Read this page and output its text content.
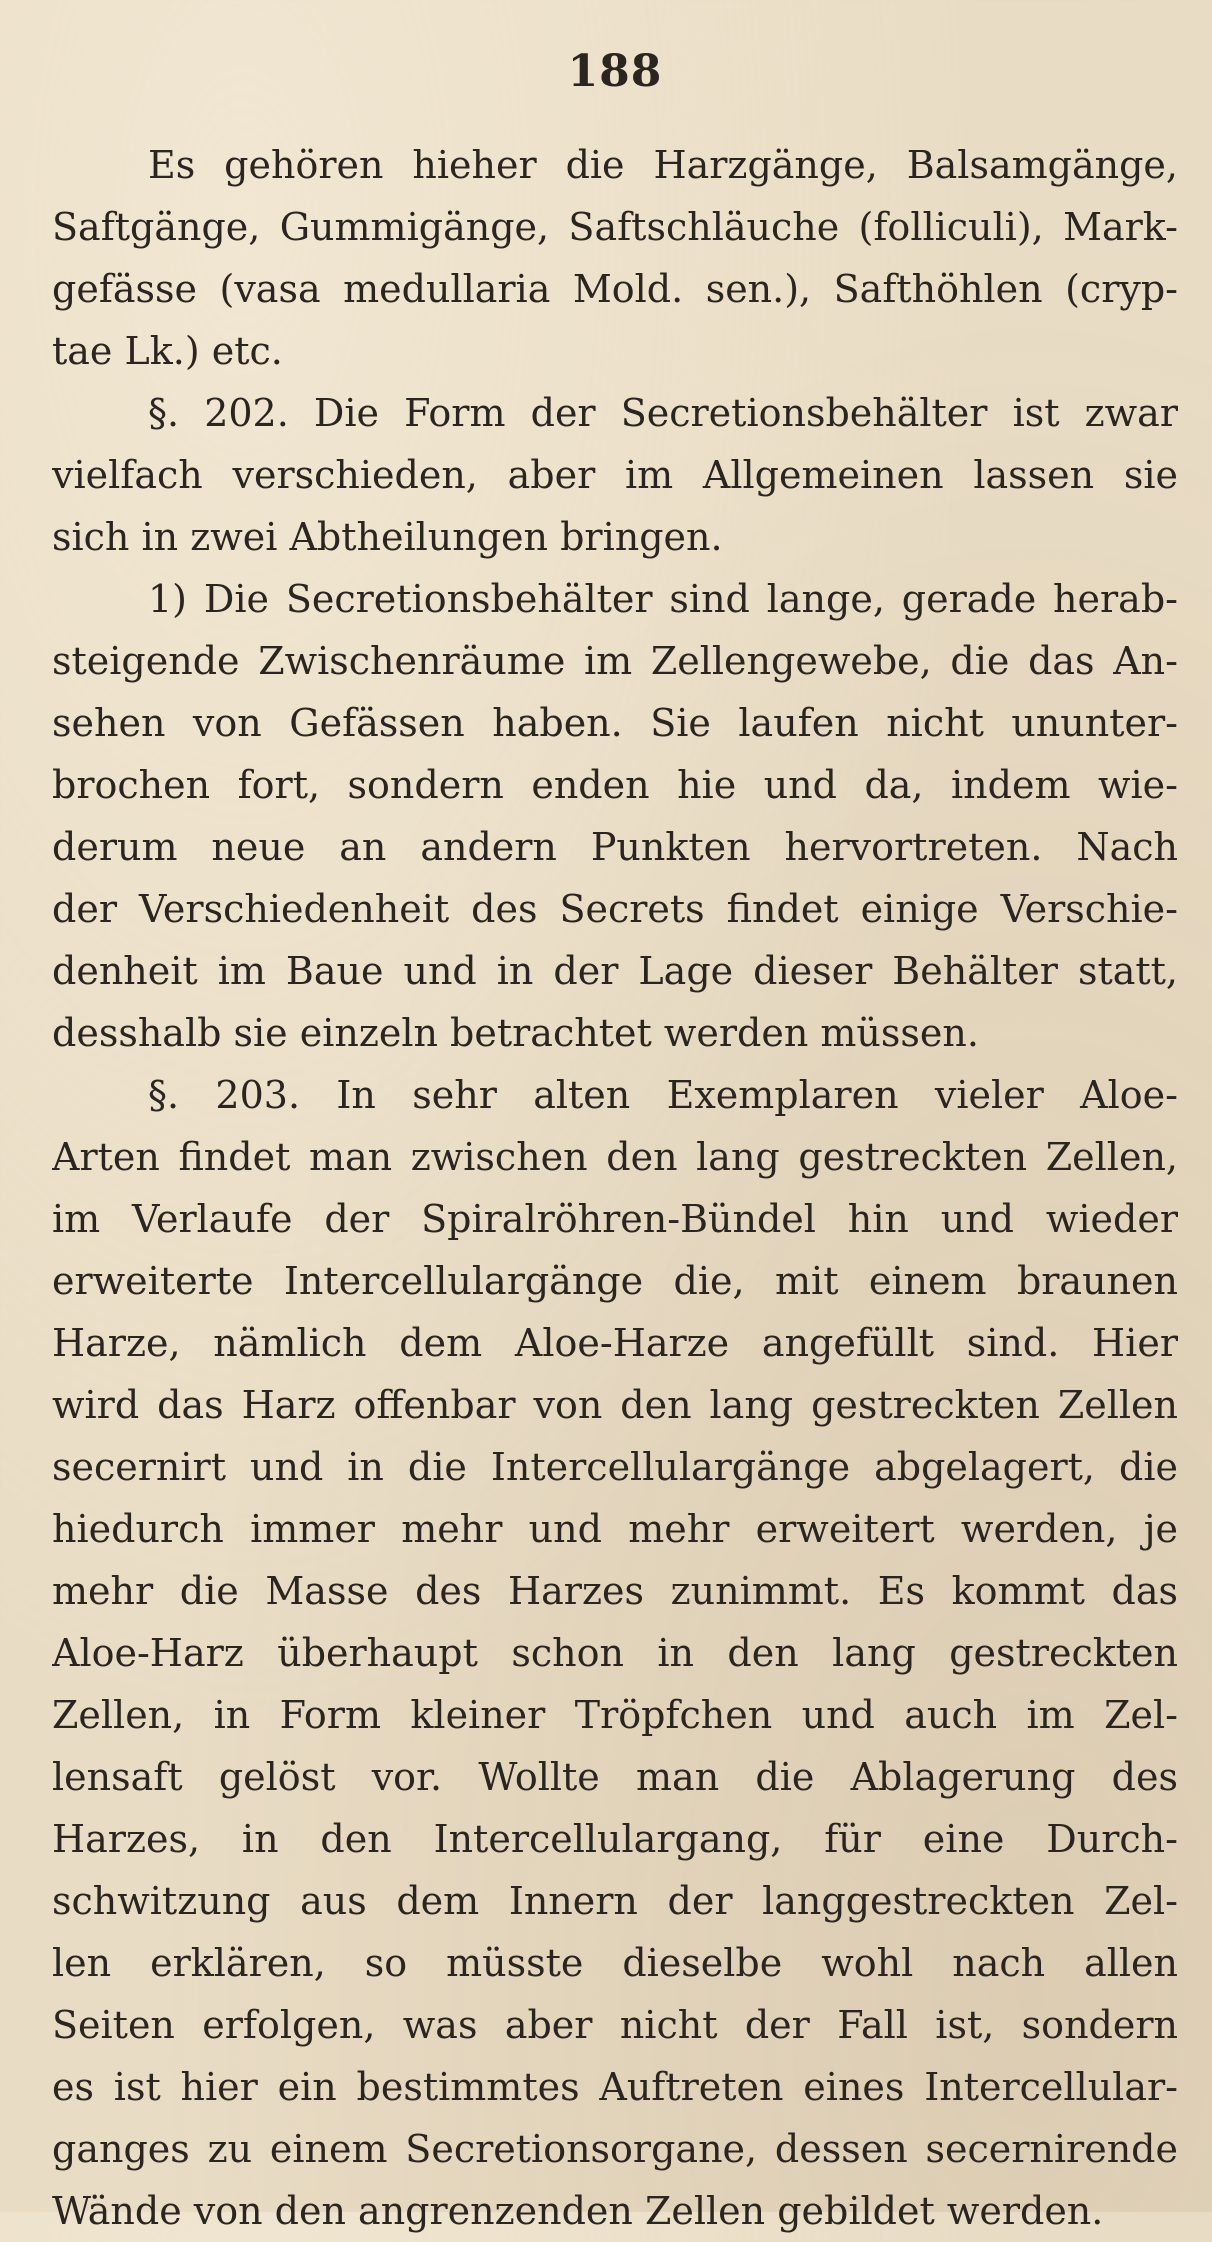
188
Es gehören hieher die Harzgänge, Balsamgänge,
Saftgänge, Gummigänge, Saftschläuche (folliculi), Mark-
gefässe (vasa medullaria Mold. sen.), Safthöhlen (cryp-
tae Lk.) etc.
§. 202. Die Form der Secretionsbehälter ist zwar
vielfach verschieden, aber im Allgemeinen lassen sie
sich in zwei Abtheilungen bringen.
1) Die Secretionsbehälter sind lange, gerade herab-
steigende Zwischenräume im Zellengewebe, die das An-
sehen von Gefässen haben. Sie laufen nicht ununter-
brochen fort, sondern enden hie und da, indem wie-
derum neue an andern Punkten hervortreten. Nach
der Verschiedenheit des Secrets findet einige Verschie-
denheit im Baue und in der Lage dieser Behälter statt,
desshalb sie einzeln betrachtet werden müssen.
§. 203. In sehr alten Exemplaren vieler Aloe-
Arten findet man zwischen den lang gestreckten Zellen,
im Verlaufe der Spiralröhren-Bündel hin und wieder
erweiterte Intercellulargänge die, mit einem braunen
Harze, nämlich dem Aloe-Harze angefüllt sind. Hier
wird das Harz offenbar von den lang gestreckten Zellen
secernirt und in die Intercellulargänge abgelagert, die
hiedurch immer mehr und mehr erweitert werden, je
mehr die Masse des Harzes zunimmt. Es kommt das
Aloe-Harz überhaupt schon in den lang gestreckten
Zellen, in Form kleiner Tröpfchen und auch im Zel-
lensaft gelöst vor. Wollte man die Ablagerung des
Harzes, in den Intercellulargang, für eine Durch-
schwitzung aus dem Innern der langgestreckten Zel-
len erklären, so müsste dieselbe wohl nach allen
Seiten erfolgen, was aber nicht der Fall ist, sondern
es ist hier ein bestimmtes Auftreten eines Intercellular-
ganges zu einem Secretionsorgane, dessen secernirende
Wände von den angrenzenden Zellen gebildet werden.
